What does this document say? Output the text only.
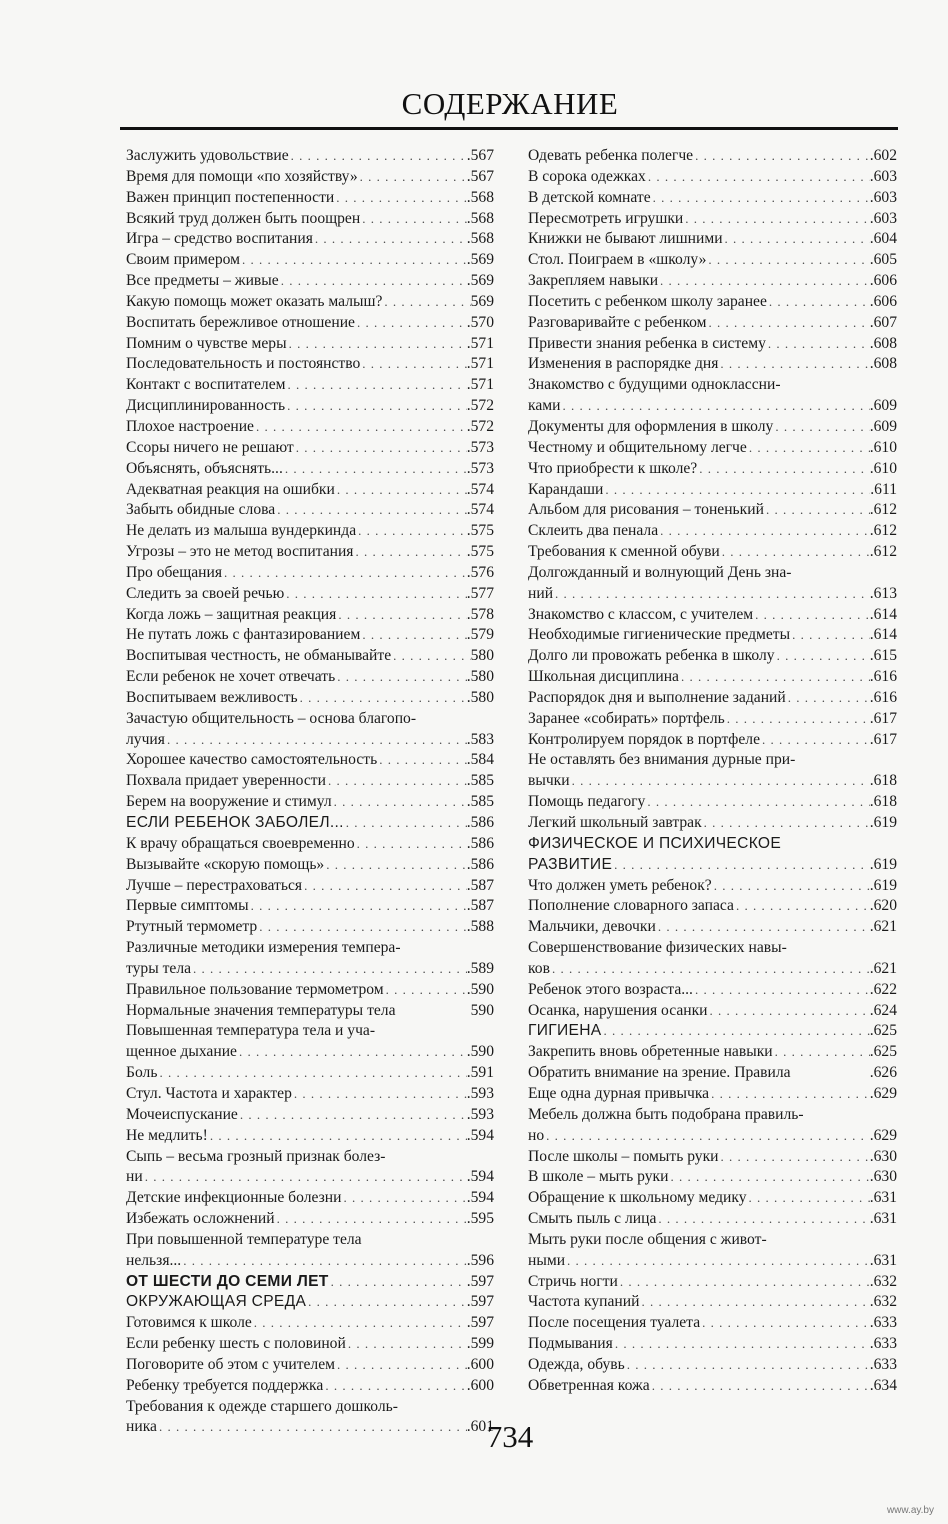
СОДЕРЖАНИЕ
Заслужить удовольствие . . .	.567
Время для помощи «по хозяйству» . . .	.567
Важен принцип постепенности . . .	.568
Всякий труд должен быть поощрен . . .	.568
Игра – средство воспитания . . .	.568
Своим примером . . .	.569
Все предметы – живые . . .	.569
Какую помощь может оказать малыш? . . .	569
Воспитать бережливое отношение . . .	.570
Помним о чувстве меры . . .	.571
Последовательность и постоянство . . .	.571
Контакт с воспитателем . . .	.571
Дисциплинированность . . .	.572
Плохое настроение . . .	.572
Ссоры ничего не решают . . .	.573
Объяснять, объяснять... . . .	.573
Адекватная реакция на ошибки . . .	.574
Забыть обидные слова . . .	.574
Не делать из малыша вундеркинда . . .	.575
Угрозы – это не метод воспитания . . .	.575
Про обещания . . .	.576
Следить за своей речью . . .	.577
Когда ложь – защитная реакция . . .	.578
Не путать ложь с фантазированием . . .	.579
Воспитывая честность, не обманывайте . . .	580
Если ребенок не хочет отвечать . . .	.580
Воспитываем вежливость . . .	.580
Зачастую общительность – основа благопо-
лучия . . .	.583
Хорошее качество самостоятельность . . .	.584
Похвала придает уверенности . . .	.585
Берем на вооружение и стимул . . .	.585
ЕСЛИ РЕБЕНОК ЗАБОЛЕЛ... . . .	.586
К врачу обращаться своевременно . . .	.586
Вызывайте «скорую помощь» . . .	.586
Лучше – перестраховаться . . .	.587
Первые симптомы . . .	.587
Ртутный термометр . . .	.588
Различные методики измерения темпера-
туры тела . . .	.589
Правильное пользование термометром . . .	.590
Нормальные значения температуры тела	590
Повышенная температура тела и уча-
щенное дыхание . . .	.590
Боль . . .	.591
Стул. Частота и характер . . .	.593
Мочеиспускание . . .	.593
Не медлить! . . .	.594
Сыпь – весьма грозный признак болез-
ни . . .	.594
Детские инфекционные болезни . . .	.594
Избежать осложнений . . .	.595
При повышенной температуре тела
нельзя... . . .	.596
ОТ ШЕСТИ ДО СЕМИ ЛЕТ . . .	.597
ОКРУЖАЮЩАЯ СРЕДА . . .	.597
Готовимся к школе . . .	.597
Если ребенку шесть с половиной . . .	.599
Поговорите об этом с учителем . . .	.600
Ребенку требуется поддержка . . .	.600
Требования к одежде старшего дошколь-
ника . . .	.601
Одевать ребенка полегче . . .	.602
В сорока одежках . . .	.603
В детской комнате . . .	.603
Пересмотреть игрушки . . .	.603
Книжки не бывают лишними . . .	.604
Стол. Поиграем в «школу» . . .	.605
Закрепляем навыки . . .	.606
Посетить с ребенком школу заранее . . .	.606
Разговаривайте с ребенком . . .	.607
Привести знания ребенка в систему . . .	.608
Изменения в распорядке дня . . .	.608
Знакомство с будущими одноклассни-
ками . . .	.609
Документы для оформления в школу . . .	.609
Честному и общительному легче . . .	.610
Что приобрести к школе? . . .	.610
Карандаши . . .	.611
Альбом для рисования – тоненький . . .	.612
Склеить два пенала . . .	.612
Требования к сменной обуви . . .	.612
Долгожданный и волнующий День зна-
ний . . .	.613
Знакомство с классом, с учителем . . .	.614
Необходимые гигиенические предметы . . .	.614
Долго ли провожать ребенка в школу . . .	.615
Школьная дисциплина . . .	.616
Распорядок дня и выполнение заданий . . .	.616
Заранее «собирать» портфель . . .	.617
Контролируем порядок в портфеле . . .	.617
Не оставлять без внимания дурные при-
вычки . . .	.618
Помощь педагогу . . .	.618
Легкий школьный завтрак . . .	.619
ФИЗИЧЕСКОЕ И ПСИХИЧЕСКОЕ
РАЗВИТИЕ . . .	.619
Что должен уметь ребенок? . . .	.619
Пополнение словарного запаса . . .	.620
Мальчики, девочки . . .	.621
Совершенствование физических навы-
ков . . .	.621
Ребенок этого возраста... . . .	.622
Осанка, нарушения осанки . . .	.624
ГИГИЕНА . . .	.625
Закрепить вновь обретенные навыки . . .	.625
Обратить внимание на зрение. Правила	.626
Еще одна дурная привычка . . .	.629
Мебель должна быть подобрана правиль-
но . . .	.629
После школы – помыть руки . . .	.630
В школе – мыть руки . . .	.630
Обращение к школьному медику . . .	.631
Смыть пыль с лица . . .	.631
Мыть руки после общения с живот-
ными . . .	.631
Стричь ногти . . .	.632
Частота купаний . . .	.632
После посещения туалета . . .	.633
Подмывания . . .	.633
Одежда, обувь . . .	.633
Обветренная кожа . . .	.634
734
www.ay.by
